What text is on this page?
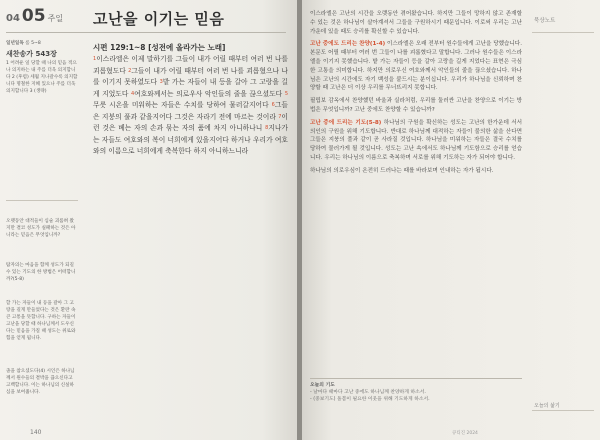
04 05 주일 고난을 이기는 믿음
일년일독 롬 5~8
새찬송가 543장
1 어려운 일 당할 때 나의 믿음 적으나 의지하는 내 주를 더욱 의지합니다 2 (후렴) 세월 지나갈수록 의지합니다 명철한 지혜 있으나 주를 더욱 의지합니다 3 (생략)
오랫동안 대적들이 심술 괴롭혀 왔지만 결코 성도가 실패하는 것은 아니라는 믿음은 무엇입니까?
탐자의는 마음을 함께 성도가 되길 수 있는 기도의 한 방법은 어떠합니까?(5-8)
할 가는 자들이 내 등을 갈아 그 고랑을 길게 만들었다는 것은 환란 속 큰 고통을 뜻합니다. 구하는 자들이 고난을 당할 때 하나님께서 도우신다는 믿음을 가질 때 성도는 위로와 힘을 얻게 됩니다.
졸을 참으셨도다(4) 시인은 하나님께서 원수들의 결박을 끊으신다고 고백합니다. 이는 하나님의 신실하심을 보여줍니다.
시편 129:1~8 [성전에 올라가는 노래]
$^1$이스라엘은 이제 말하기를 그들이 내가 어릴 때부터 여러 번 나를 괴롭혔도다 $^2$그들이 내가 어릴 때부터 여러 번 나를 괴롭혔으나 나를 이기지 못하였도다 $^3$밭 가는 자들이 내 등을 갈아 그 고랑을 길게 지었도다 $^4$여호와께서는 의로우사 악인들의 줄을 끊으셨도다 $^5$무릇 시온을 미워하는 자들은 수치를 당하여 물러갈지어다 $^6$그들은 지붕의 풀과 같을지어다 그것은 자라기 전에 마르는 것이라 $^7$이런 것은 베는 자의 손과 묶는 자의 품에 차지 아니하나니 $^8$지나가는 자들도 여호와의 복이 너희에게 있을지어다 하거나 우리가 여호와의 이름으로 너희에게 축복한다 하지 아니하느니라
140

이스라엘은 고난의 시간을 오랫동안 겪어왔습니다. 하지만 그들이 망하지 않고 존재할 수 있는 것은 하나님이 살아계셔서 그들을 구원하시기 때문입니다. 이로써 우리는 고난 가운데 있을 때도 승리를 확신할 수 있습니다.

고난 중에도 드리는 찬양(1-4) 이스라엘은 오래 전부터 원수들에게 고난을 당했습니다. 본문도 어릴 때부터 여러 번 그들이 나를 괴롭혔다고 말합니다. 그러나 원수들은 이스라엘을 이기지 못했습니다. 밭 가는 자들이 등을 갈아 고랑을 길게 지었다는 표현은 극심한 고통을 의미합니다. 하지만 의로우신 여호와께서 악인들의 줄을 끊으셨습니다. 하나님은 고난의 시간에도 자기 백성을 붙드시는 분이십니다. 우리가 하나님을 신뢰하며 찬양할 때 고난은 더 이상 우리를 무너뜨리지 못합니다.

필립보 감옥에서 찬양했던 바울과 실라처럼, 우리를 둘러싼 고난을 찬양으로 이기는 방법은 무엇입니까? 고난 중에도 찬양할 수 있습니까?

고난 중에 드리는 기도(5-8) 하나님의 구원을 확신하는 성도는 고난의 한가운데 서서 의인의 구원을 위해 기도합니다. 반대로 하나님께 대적하는 자들이 불의한 삶을 산다면 그들은 지붕의 풀과 같이 곧 사라질 것입니다. 하나님을 미워하는 자들은 결국 수치를 당하여 물러가게 될 것입니다. 성도는 고난 속에서도 하나님께 기도함으로 승리를 얻습니다. 우리는 하나님의 이름으로 축복하며 서로를 위해 기도하는 자가 되어야 합니다.

하나님의 의로우심이 온전히 드러나는 때를 바라보며 인내하는 자가 됩시다.

묵상노트
오늘의 기도
- 날마다 때마다 고난 중에도 하나님께 찬양하게 하소서.
- (중보기도) 돌봄이 필요한 이웃을 위해 기도하게 하소서.
오늘의 삶기
큐티진 2024
